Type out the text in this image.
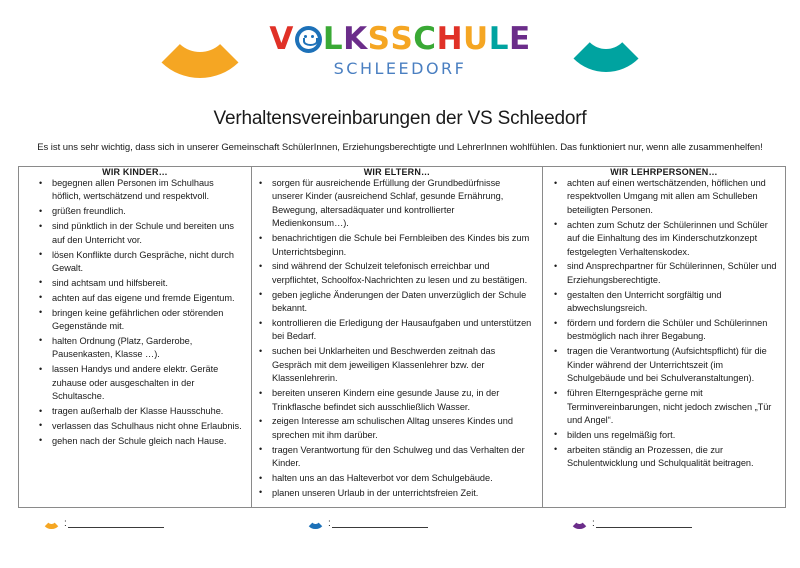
V LKSSCHULE
SCHLEEDORF
Verhaltensvereinbarungen der VS Schleedorf

Es ist uns sehr wichtig, dass sich in unserer Gemeinschaft SchülerInnen, Erziehungsberechtigte und LehrerInnen wohlfühlen. Das funktioniert nur, wenn alle zusammenhelfen!

WIR KINDER…	WIR ELTERN…	WIR LEHRPERSONEN…

• begegnen allen Personen im Schulhaus höflich, wertschätzend und respektvoll.
• grüßen freundlich.
• sind pünktlich in der Schule und bereiten uns auf den Unterricht vor.
• lösen Konflikte durch Gespräche, nicht durch Gewalt.
• sind achtsam und hilfsbereit.
• achten auf das eigene und fremde Eigentum.
• bringen keine gefährlichen oder störenden Gegenstände mit.
• halten Ordnung (Platz, Garderobe, Pausenkasten, Klasse …).
• lassen Handys und andere elektr. Geräte zuhause oder ausgeschalten in der Schultasche.
• tragen außerhalb der Klasse Hausschuhe.
• verlassen das Schulhaus nicht ohne Erlaubnis.
• gehen nach der Schule gleich nach Hause.

• sorgen für ausreichende Erfüllung der Grundbedürfnisse unserer Kinder (ausreichend Schlaf, gesunde Ernährung, Bewegung, altersadäquater und kontrollierter Medienkonsum…).
• benachrichtigen die Schule bei Fernbleiben des Kindes bis zum Unterrichtsbeginn.
• sind während der Schulzeit telefonisch erreichbar und verpflichtet, Schoolfox-Nachrichten zu lesen und zu bestätigen.
• geben jegliche Änderungen der Daten unverzüglich der Schule bekannt.
• kontrollieren die Erledigung der Hausaufgaben und unterstützen bei Bedarf.
• suchen bei Unklarheiten und Beschwerden zeitnah das Gespräch mit dem jeweiligen Klassenlehrer bzw. der Klassenlehrerin.
• bereiten unseren Kindern eine gesunde Jause zu, in der Trinkflasche befindet sich ausschließlich Wasser.
• zeigen Interesse am schulischen Alltag unseres Kindes und sprechen mit ihm darüber.
• tragen Verantwortung für den Schulweg und das Verhalten der Kinder.
• halten uns an das Halteverbot vor dem Schulgebäude.
• planen unseren Urlaub in der unterrichtsfreien Zeit.

• achten auf einen wertschätzenden, höflichen und respektvollen Umgang mit allen am Schulleben beteiligten Personen.
• achten zum Schutz der Schülerinnen und Schüler auf die Einhaltung des im Kinderschutzkonzept festgelegten Verhaltenskodex.
• sind Ansprechpartner für Schülerinnen, Schüler und Erziehungsberechtigte.
• gestalten den Unterricht sorgfältig und abwechslungsreich.
• fördern und fordern die Schüler und Schülerinnen bestmöglich nach ihrer Begabung.
• tragen die Verantwortung (Aufsichtspflicht) für die Kinder während der Unterrichtszeit (im Schulgebäude und bei Schulveranstaltungen).
• führen Elterngespräche gerne mit Terminvereinbarungen, nicht jedoch zwischen „Tür und Angel“.
• bilden uns regelmäßig fort.
• arbeiten ständig an Prozessen, die zur Schulentwicklung und Schulqualität beitragen.
:	:	:
